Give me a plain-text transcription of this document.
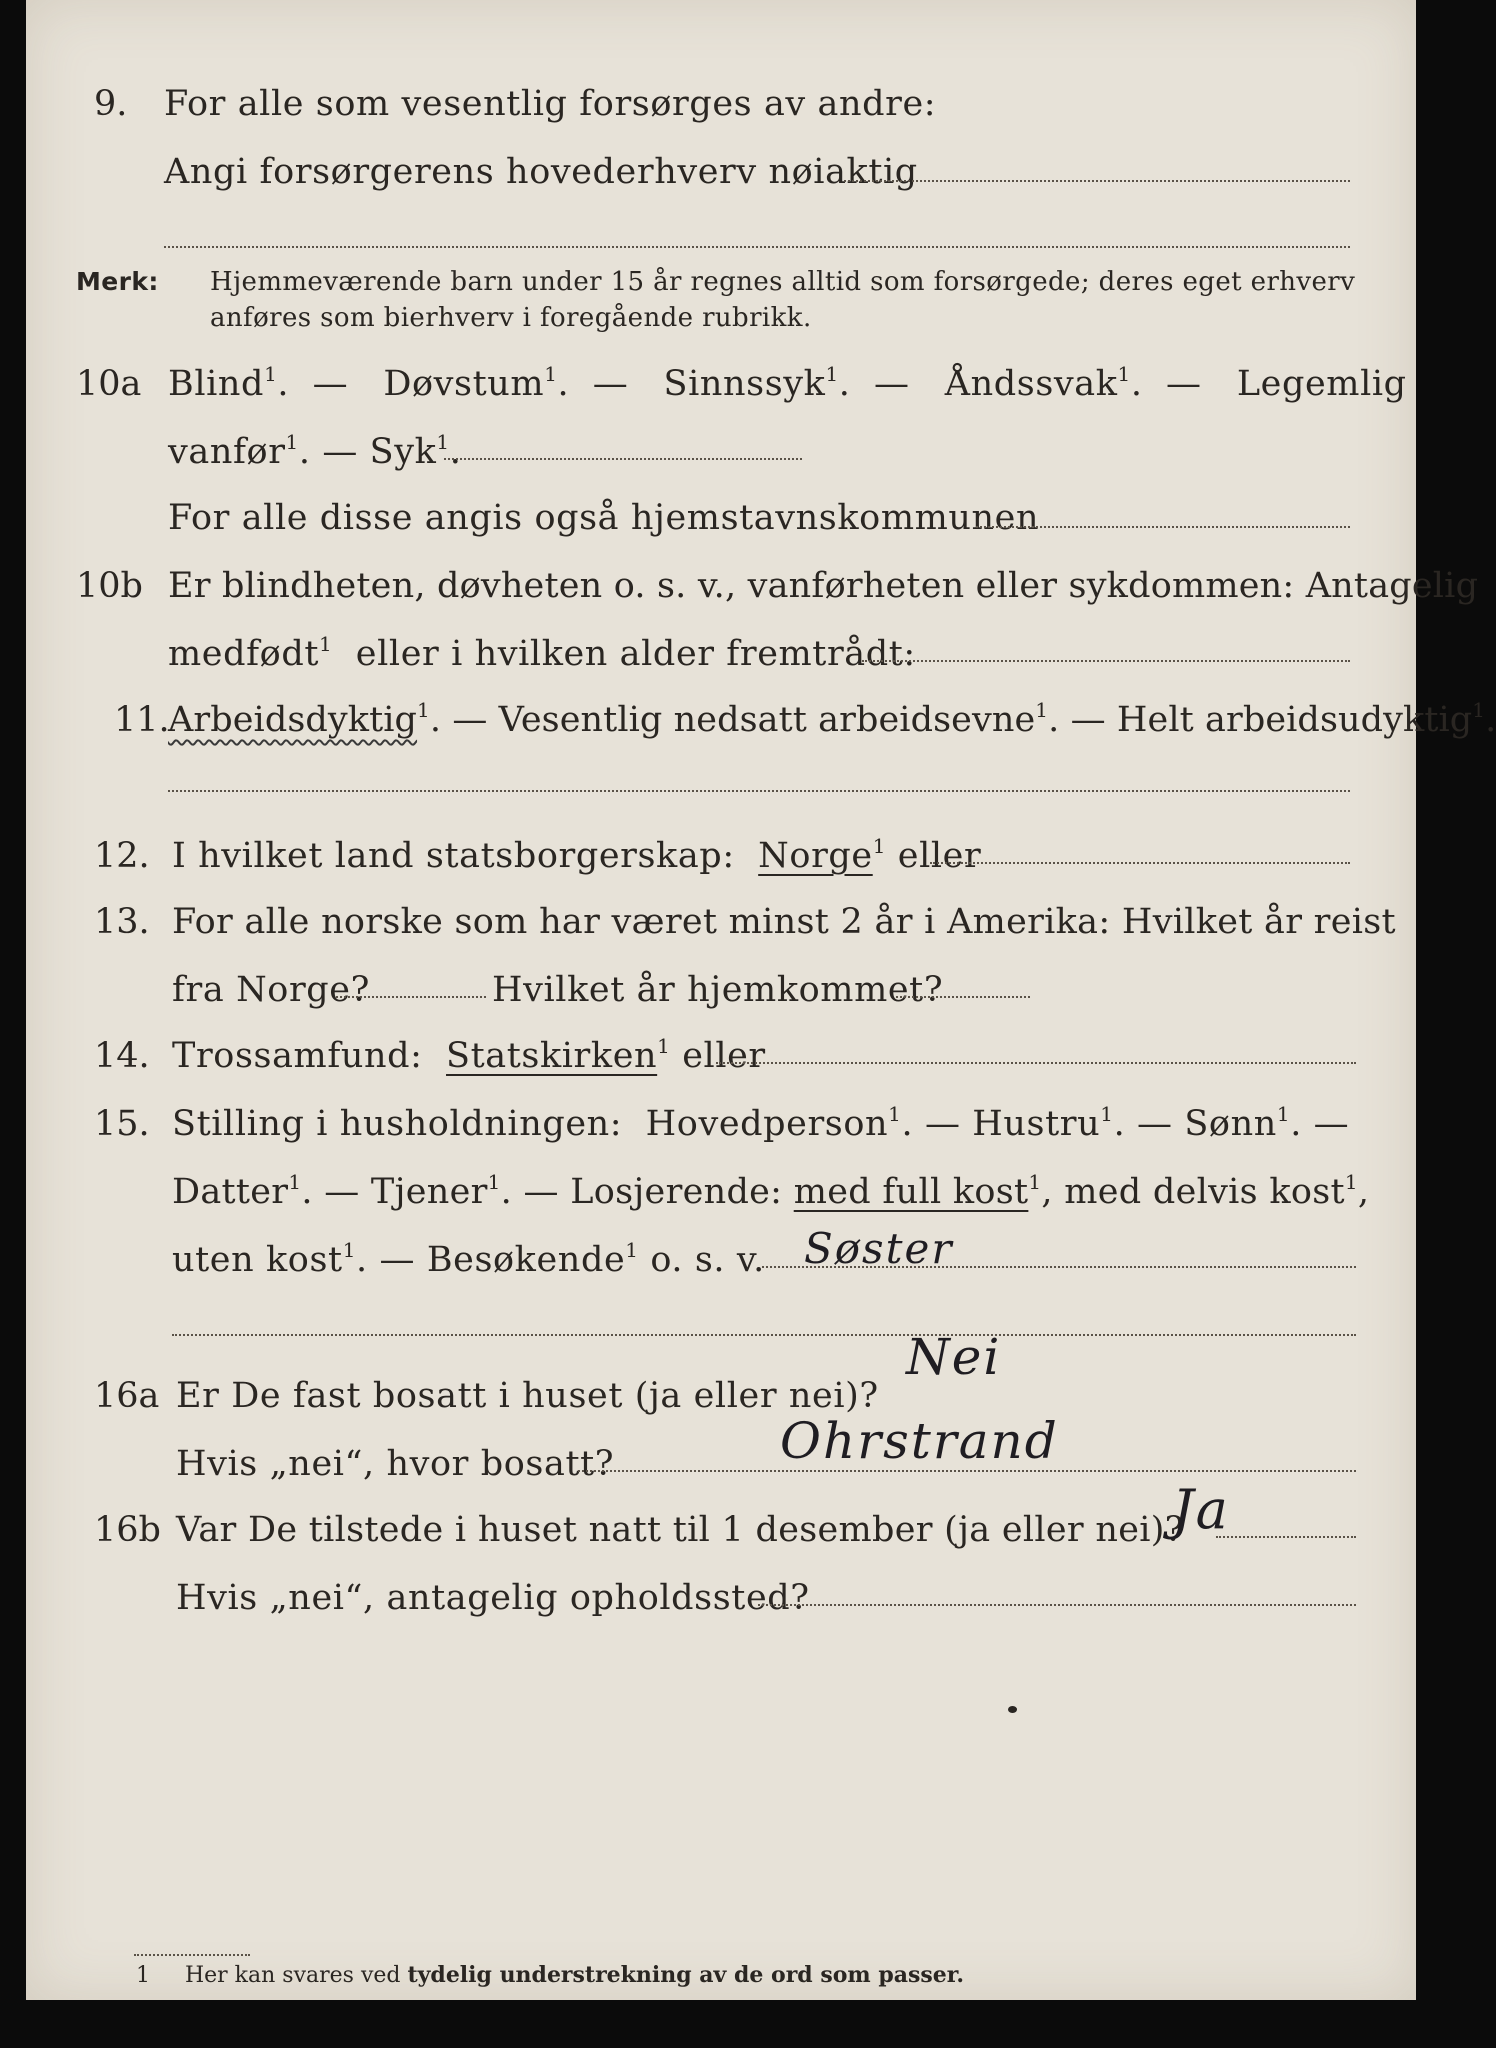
9. For alle som vesentlig forsørges av andre:
Angi forsørgerens hovederhverv nøiaktig
Merk: Hjemmeværende barn under 15 år regnes alltid som forsørgede; deres eget erhverv
anføres som bierhverv i foregående rubrikk.
10a Blind$^1$.  —   Døvstum$^1$.  —   Sinnssyk$^1$.  —   Åndssvak$^1$.  —   Legemlig
vanfør$^1$. — Syk$^1$.
For alle disse angis også hjemstavnskommunen
10b Er blindheten, døvheten o. s. v., vanførheten eller sykdommen: Antagelig
medfødt$^1$ eller i hvilken alder fremtrådt:
11.
Arbeidsdyktig$^1$. — Vesentlig nedsatt arbeidsevne$^1$. — Helt arbeidsudyktig$^1$.
12. I hvilket land statsborgerskap: Norge$^1$ eller
13. For alle norske som har været minst 2 år i Amerika: Hvilket år reist
fra Norge?	Hvilket år hjemkommet?
14. Trossamfund: Statskirken$^1$ eller
15. Stilling i husholdningen: Hovedperson$^1$. — Hustru$^1$. — Sønn$^1$. —
Datter$^1$. — Tjener$^1$. — Losjerende: med full kost$^1$, med delvis kost$^1$,
uten kost$^1$. — Besøkende$^1$ o. s. v. Søster
16a Er De fast bosatt i huset (ja eller nei)?
Nei
Hvis „nei“, hvor bosatt?	Ohrstrand
16b Var De tilstede i huset natt til 1 desember (ja eller nei)?
Ja
Hvis „nei“, antagelig opholdssted?
1 Her kan svares ved tydelig understrekning av de ord som passer.
